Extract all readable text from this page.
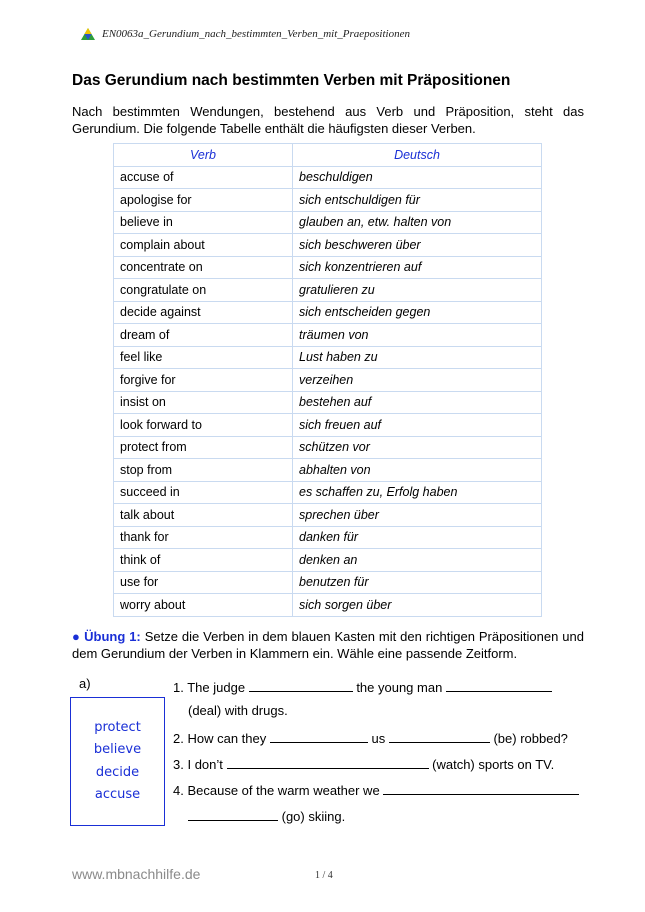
EN0063a_Gerundium_nach_bestimmten_Verben_mit_Praepositionen
Das Gerundium nach bestimmten Verben mit Präpositionen
Nach bestimmten Wendungen, bestehend aus Verb und Präposition, steht das Gerundium. Die folgende Tabelle enthält die häufigsten dieser Verben.
Verb	Deutsch
accuse of	beschuldigen
apologise for	sich entschuldigen für
believe in	glauben an, etw. halten von
complain about	sich beschweren über
concentrate on	sich konzentrieren auf
congratulate on	gratulieren zu
decide against	sich entscheiden gegen
dream of	träumen von
feel like	Lust haben zu
forgive for	verzeihen
insist on	bestehen auf
look forward to	sich freuen auf
protect from	schützen vor
stop from	abhalten von
succeed in	es schaffen zu, Erfolg haben
talk about	sprechen über
thank for	danken für
think of	denken an
use for	benutzen für
worry about	sich sorgen über
● Übung 1: Setze die Verben in dem blauen Kasten mit den richtigen Präpositionen und dem Gerundium der Verben in Klammern ein. Wähle eine passende Zeitform.
a)
protect
believe
decide
accuse
1. The judge	the young man
(deal) with drugs.
2. How can they	us	(be) robbed?
3. I don’t	(watch) sports on TV.
4. Because of the warm weather we
(go) skiing.
www.mbnachhilfe.de	1 / 4
